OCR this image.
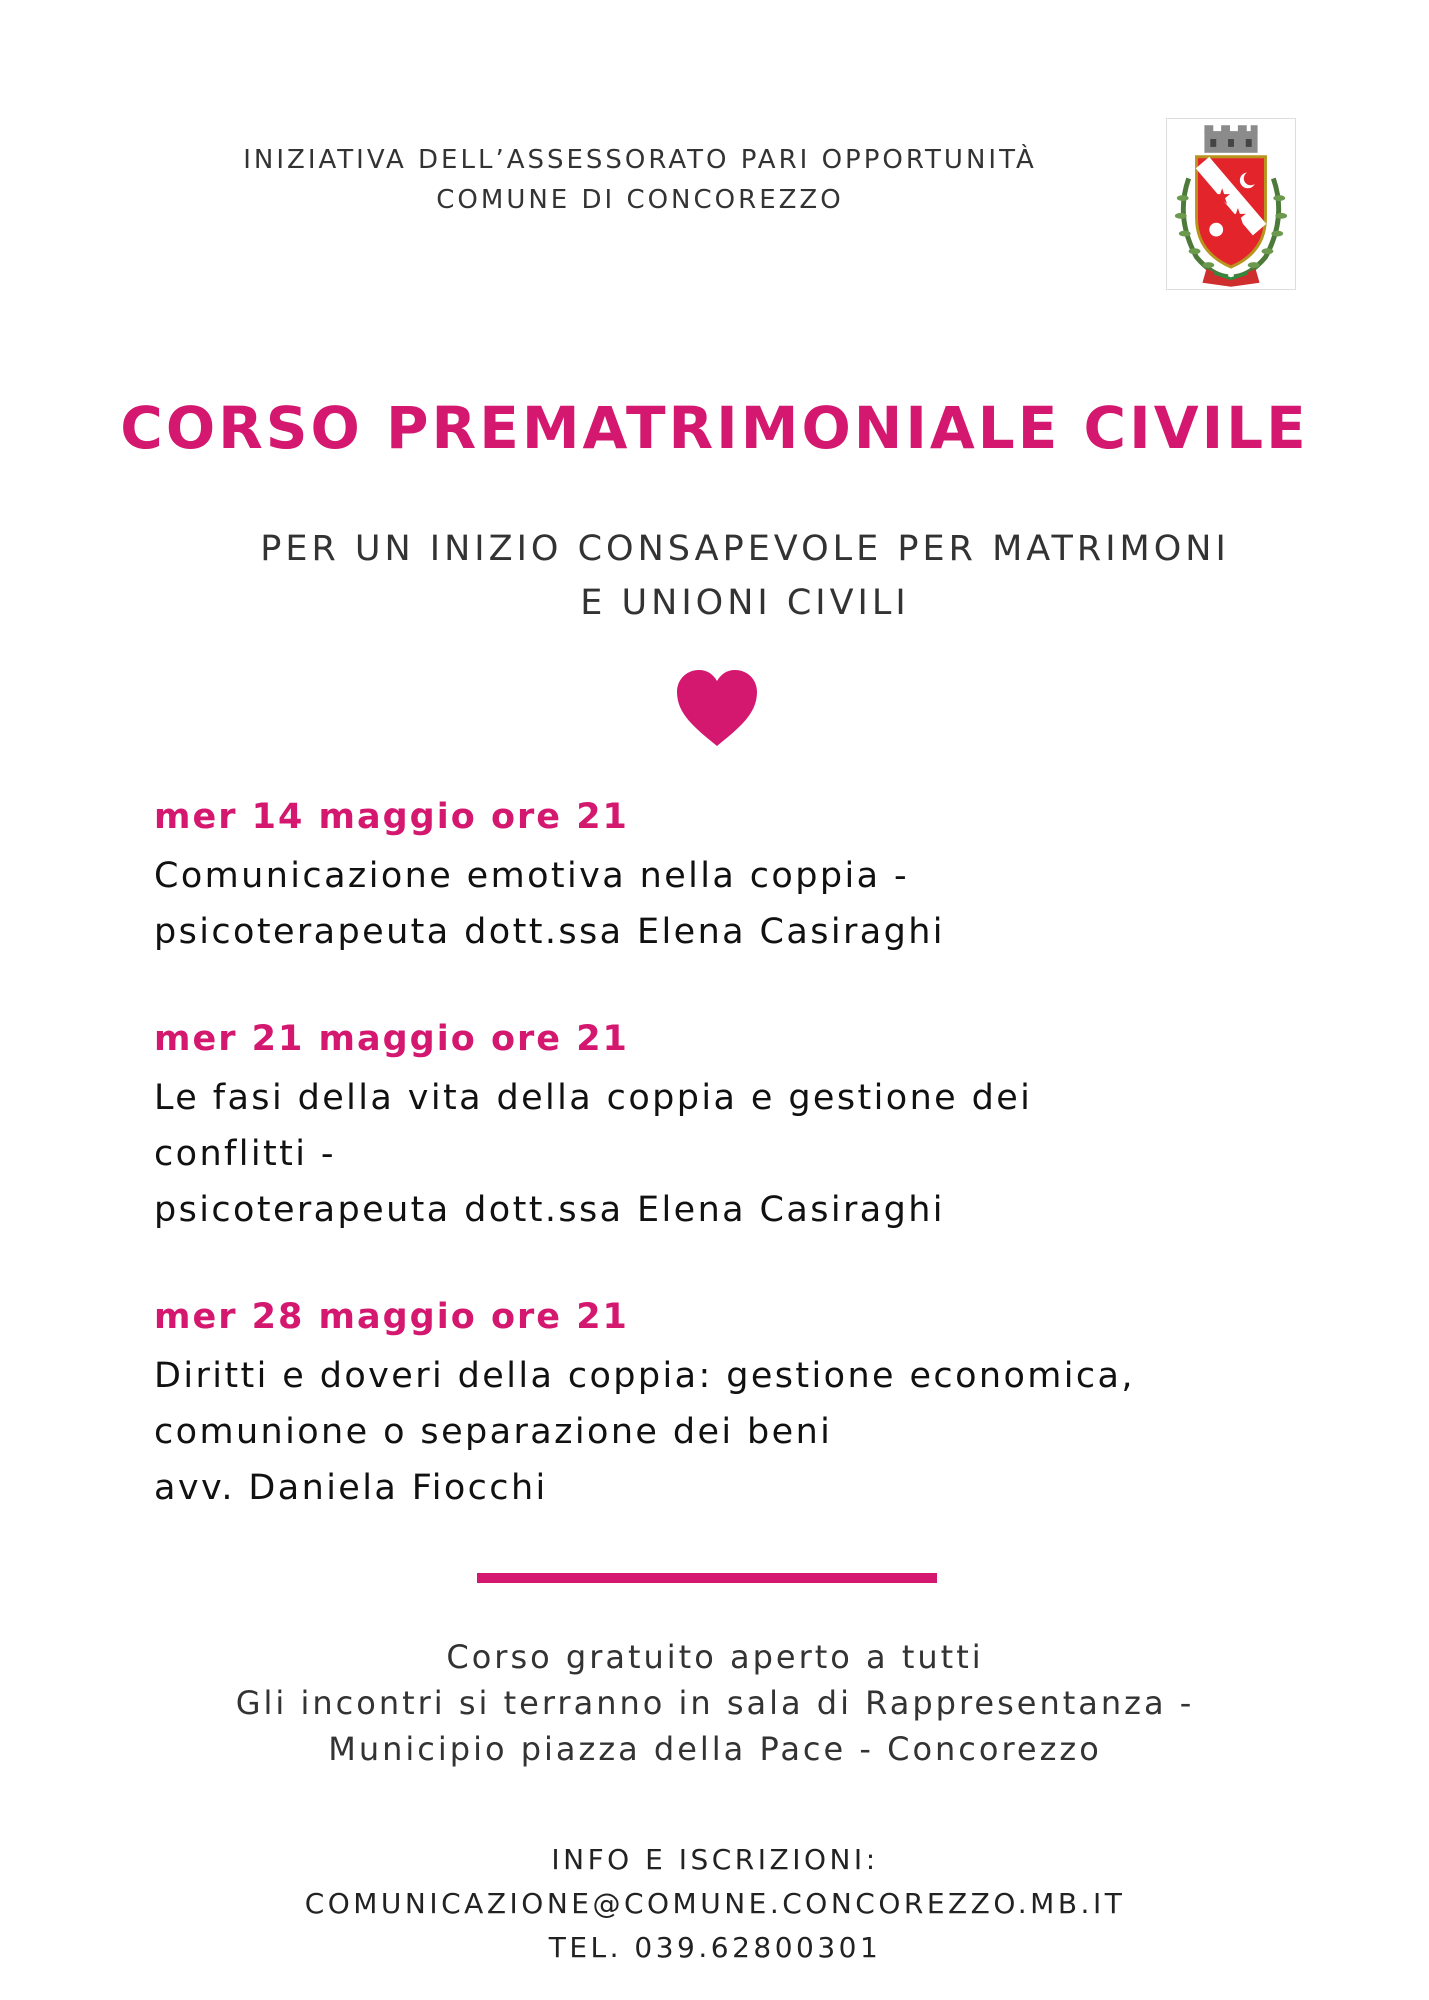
INIZIATIVA DELL’ASSESSORATO PARI OPPORTUNITÀ
COMUNE DI CONCOREZZO
CORSO PREMATRIMONIALE CIVILE
PER UN INIZIO CONSAPEVOLE PER MATRIMONI
E UNIONI CIVILI
mer 14 maggio ore 21
Comunicazione emotiva nella coppia -
psicoterapeuta dott.ssa Elena Casiraghi
mer 21 maggio ore 21
Le fasi della vita della coppia e gestione dei
conflitti -
psicoterapeuta dott.ssa Elena Casiraghi
mer 28 maggio ore 21
Diritti e doveri della coppia: gestione economica,
comunione o separazione dei beni
avv. Daniela Fiocchi
Corso gratuito aperto a tutti
Gli incontri si terranno in sala di Rappresentanza -
Municipio piazza della Pace - Concorezzo
INFO E ISCRIZIONI:
COMUNICAZIONE@COMUNE.CONCOREZZO.MB.IT
TEL. 039.62800301
